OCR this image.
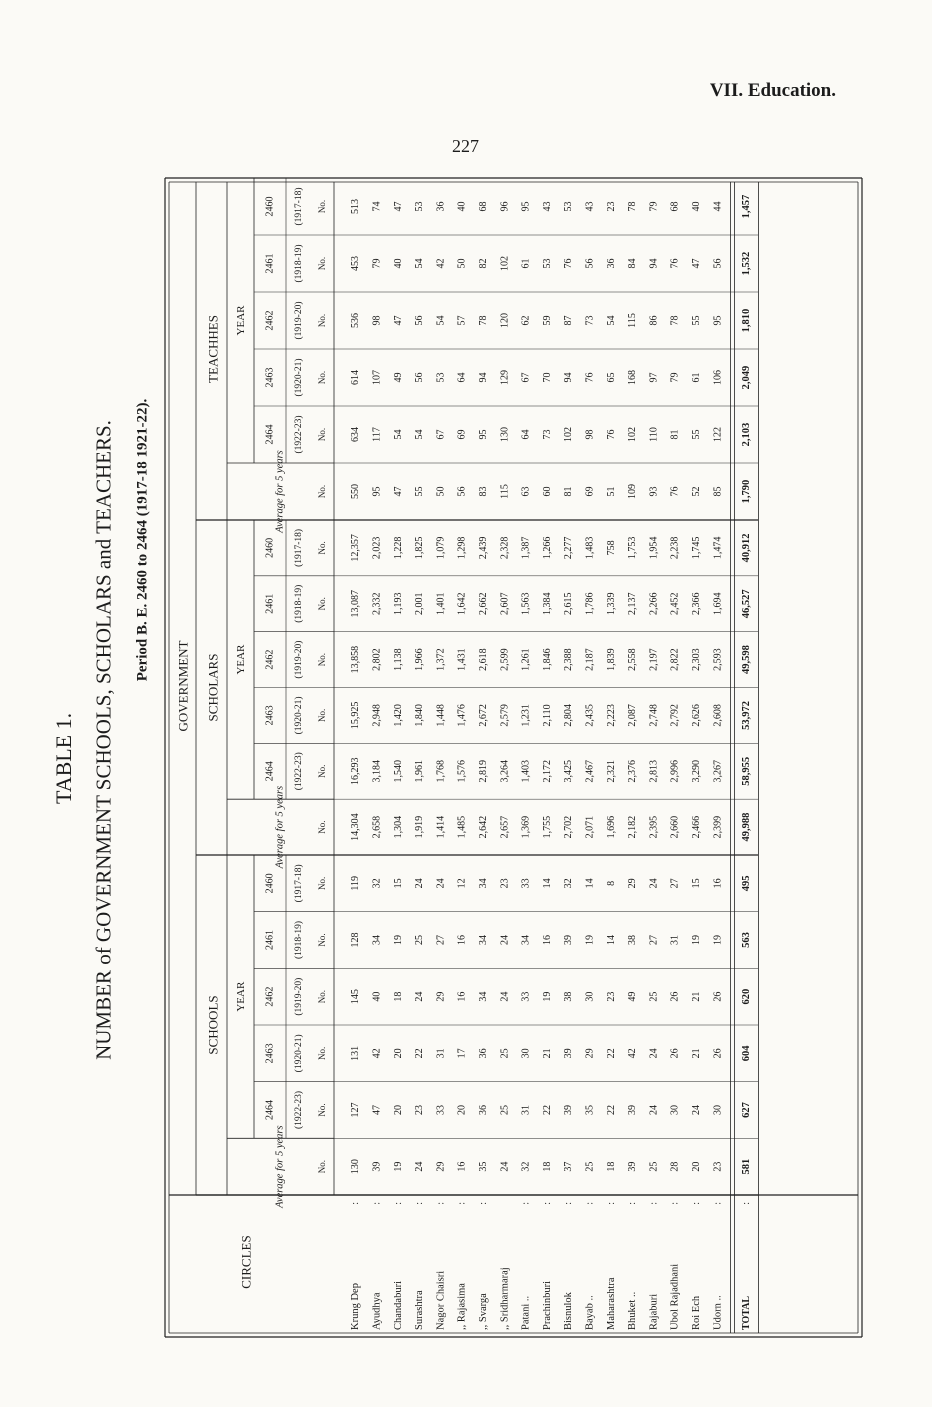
VII. Education.
227
TABLE 1. NUMBER of GOVERNMENT SCHOOLS, SCHOLARS and TEACHERS. Period B. E. 2460 to 2464 (1917-18 1921-22).
CIRCLES
GOVERNMENT
SCHOOLS YEAR
2460 (1917-18)
2461 (1918-19)
2462 (1919-20)
2463 (1920-21)
2464 (1922-23)
Average for 5 years
No.
No.
No.
No.
No.
No.
SCHOLARS YEAR
2460 (1917-18)
2461 (1918-19)
2462 (1919-20)
2463 (1920-21)
2464 (1922-23)
Average for 5 years
No.
No.
No.
No.
No.
No.
TEACHHES YEAR
2460 (1917-18)
2461 (1918-19)
2462 (1919-20)
2463 (1920-21)
2464 (1922-23)
Average for 5 years
No.
No.
No.
No.
No.
No.
Krung Dep
:
119
128
145
131
127
130
12,357
13,087
13,858
15,925
16,293
14,304
513
453
536
614
634
550
Ayudhya
:
32
34
40
42
47
39
2,023
2,332
2,802
2,948
3,184
2,658
74
79
98
107
117
95
Chandaburi
:
15
19
18
20
20
19
1,228
1,193
1,138
1,420
1,540
1,304
47
40
47
49
54
47
Surashtra
:
24
25
24
22
23
24
1,825
2,001
1,966
1,840
1,961
1,919
53
54
56
56
54
55
Nagor Chaisri
:
24
27
29
31
33
29
1,079
1,401
1,372
1,448
1,768
1,414
36
42
54
53
67
50
,, Rajasima
:
12
16
16
17
20
16
1,298
1,642
1,431
1,476
1,576
1,485
40
50
57
64
69
56
,, Svarga
:
34
34
34
36
36
35
2,439
2,662
2,618
2,672
2,819
2,642
68
82
78
94
95
83
,, Sridharmaraj
23
24
24
25
25
24
2,328
2,607
2,599
2,579
3,264
2,657
96
102
120
129
130
115
Patani ..
:
33
34
33
30
31
32
1,387
1,563
1,261
1,231
1,403
1,369
95
61
62
67
64
63
Prachinburi
:
14
16
19
21
22
18
1,266
1,384
1,846
2,110
2,172
1,755
43
53
59
70
73
60
Bisnulok
:
32
39
38
39
39
37
2,277
2,615
2,388
2,804
3,425
2,702
53
76
87
94
102
81
Bayab ..
:
14
19
30
29
35
25
1,483
1,786
2,187
2,435
2,467
2,071
43
56
73
76
98
69
Maharashtra
:
8
14
23
22
22
18
758
1,339
1,839
2,223
2,321
1,696
23
36
54
65
76
51
Bhuket ..
:
29
38
49
42
39
39
1,753
2,137
2,558
2,087
2,376
2,182
78
84
115
168
102
109
Rajaburi
:
24
27
25
24
24
25
1,954
2,266
2,197
2,748
2,813
2,395
79
94
86
97
110
93
Ubol Rajadhani
:
27
31
26
26
30
28
2,238
2,452
2,822
2,792
2,996
2,660
68
76
78
79
81
76
Roi Ech
:
15
19
21
21
24
20
1,745
2,366
2,303
2,626
3,290
2,466
40
47
55
61
55
52
Udorn ..
:
16
19
26
26
30
23
1,474
1,694
2,593
2,608
3,267
2,399
44
56
95
106
122
85
TOTAL
:
495
563
620
604
627
581
40,912
46,527
49,598
53,972
58,955
49,988
1,457
1,532
1,810
2,049
2,103
1,790
